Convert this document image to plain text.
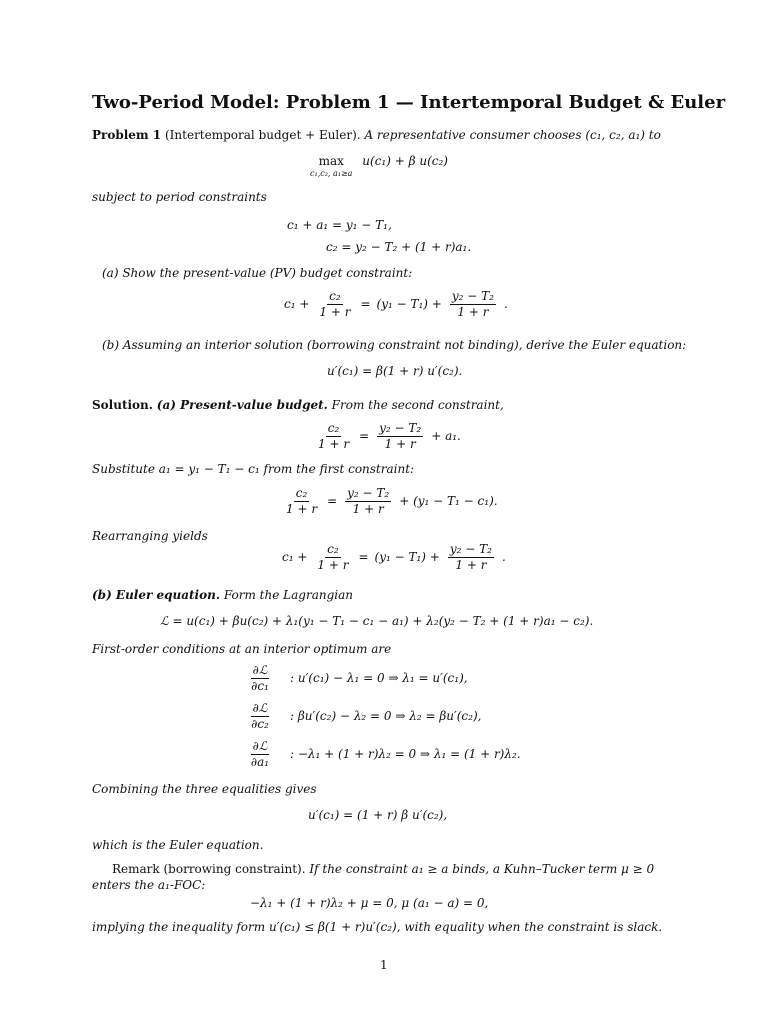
Two-Period Model: Problem 1 — Intertemporal Budget & Euler
Problem 1 (Intertemporal budget + Euler). A representative consumer chooses (c₁, c₂, a₁) to
max
c₁,c₂, a₁≥a
u(c₁) + β u(c₂)
subject to period constraints
c₁ + a₁ = y₁ − T₁,
c₂ = y₂ − T₂ + (1 + r)a₁.
(a) Show the present-value (PV) budget constraint:
$c_1 + \frac{\text{c₂}}{1 + r} = (y_1 - T_1) + \frac{\text{y₂ − T₂}}{1 + r}$ .
(b) Assuming an interior solution (borrowing constraint not binding), derive the Euler equation:
u′(c₁) = β(1 + r) u′(c₂).
Solution. (a) Present-value budget. From the second constraint,
$\frac{\text{c₂}}{1 + r} = \frac{\text{y₂ − T₂}}{1 + r} + a_1$.
Substitute a₁ = y₁ − T₁ − c₁ from the first constraint:
$\frac{\text{c₂}}{1 + r} = \frac{\text{y₂ − T₂}}{1 + r} + (y_1 - T_1 - c_1)$.
Rearranging yields
$c_1 + \frac{\text{c₂}}{1 + r} = (y_1 - T_1) + \frac{\text{y₂ − T₂}}{1 + r}$ .
(b) Euler equation. Form the Lagrangian
ℒ = u(c₁) + βu(c₂) + λ₁(y₁ − T₁ − c₁ − a₁) + λ₂(y₂ − T₂ + (1 + r)a₁ − c₂).
First-order conditions at an interior optimum are
$\frac{\text{∂ℒ}}{\text{∂c₁}}$ : u′(c₁) − λ₁ = 0 ⇒ λ₁ = u′(c₁),
$\frac{\text{∂ℒ}}{\text{∂c₂}}$ : βu′(c₂) − λ₂ = 0 ⇒ λ₂ = βu′(c₂),
$\frac{\text{∂ℒ}}{\text{∂a₁}}$ : −λ₁ + (1 + r)λ₂ = 0 ⇒ λ₁ = (1 + r)λ₂.
Combining the three equalities gives
u′(c₁) = (1 + r) β u′(c₂),
which is the Euler equation.
Remark (borrowing constraint). If the constraint a₁ ≥ a binds, a Kuhn–Tucker term μ ≥ 0
enters the a₁-FOC:
−λ₁ + (1 + r)λ₂ + μ = 0, μ (a₁ − a) = 0,
implying the inequality form u′(c₁) ≤ β(1 + r)u′(c₂), with equality when the constraint is slack.
1
